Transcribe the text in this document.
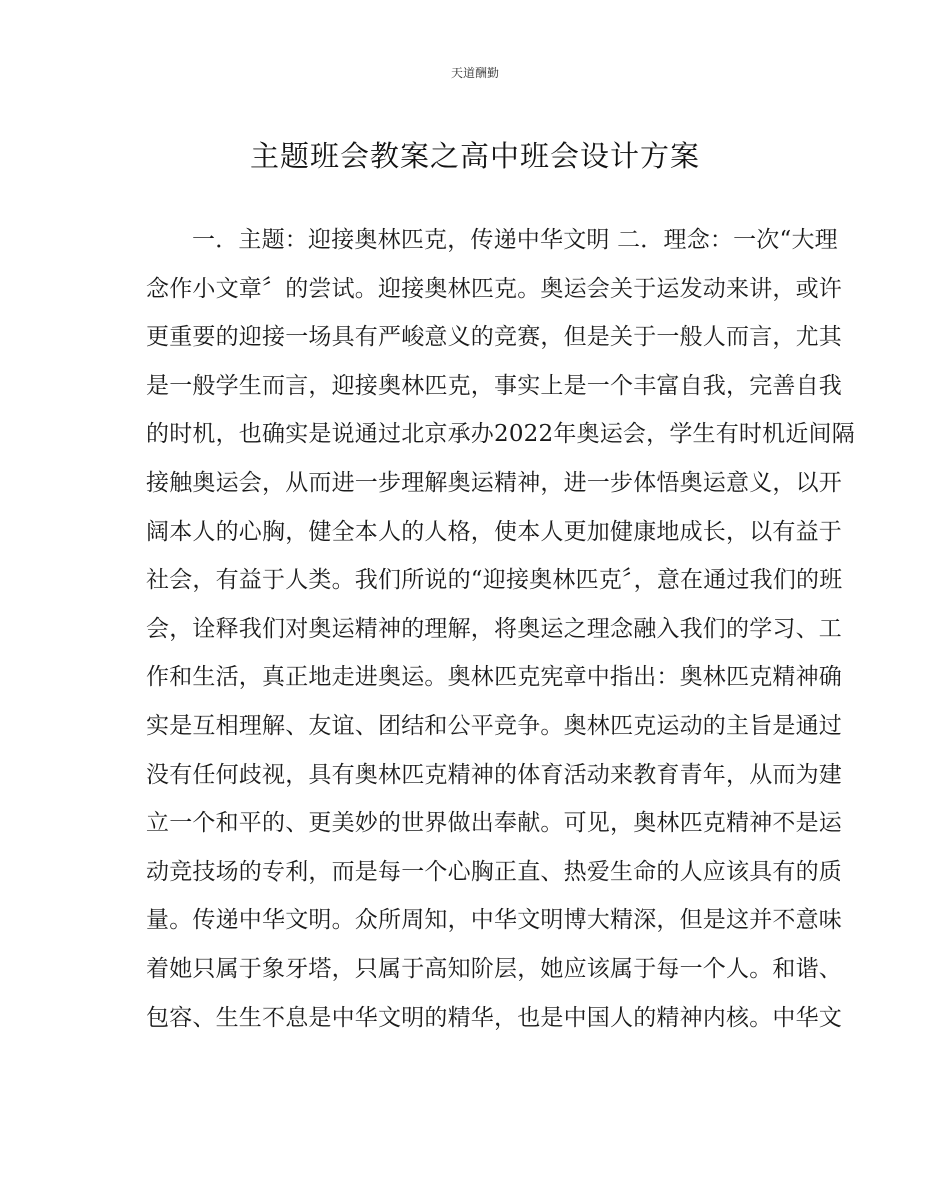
天道酬勤
主题班会教案之高中班会设计方案
一．主题：迎接奥林匹克，传递中华文明 二．理念：一次“大理
念作小文章〞的尝试。迎接奥林匹克。奥运会关于运发动来讲，或许
更重要的迎接一场具有严峻意义的竞赛，但是关于一般人而言，尤其
是一般学生而言，迎接奥林匹克，事实上是一个丰富自我，完善自我
的时机，也确实是说通过北京承办2022年奥运会，学生有时机近间隔
接触奥运会，从而进一步理解奥运精神，进一步体悟奥运意义，以开
阔本人的心胸，健全本人的人格，使本人更加健康地成长，以有益于
社会，有益于人类。我们所说的“迎接奥林匹克〞，意在通过我们的班
会，诠释我们对奥运精神的理解，将奥运之理念融入我们的学习、工
作和生活，真正地走进奥运。奥林匹克宪章中指出：奥林匹克精神确
实是互相理解、友谊、团结和公平竞争。奥林匹克运动的主旨是通过
没有任何歧视，具有奥林匹克精神的体育活动来教育青年，从而为建
立一个和平的、更美妙的世界做出奉献。可见，奥林匹克精神不是运
动竞技场的专利，而是每一个心胸正直、热爱生命的人应该具有的质
量。传递中华文明。众所周知，中华文明博大精深，但是这并不意味
着她只属于象牙塔，只属于高知阶层，她应该属于每一个人。和谐、
包容、生生不息是中华文明的精华，也是中国人的精神内核。中华文
